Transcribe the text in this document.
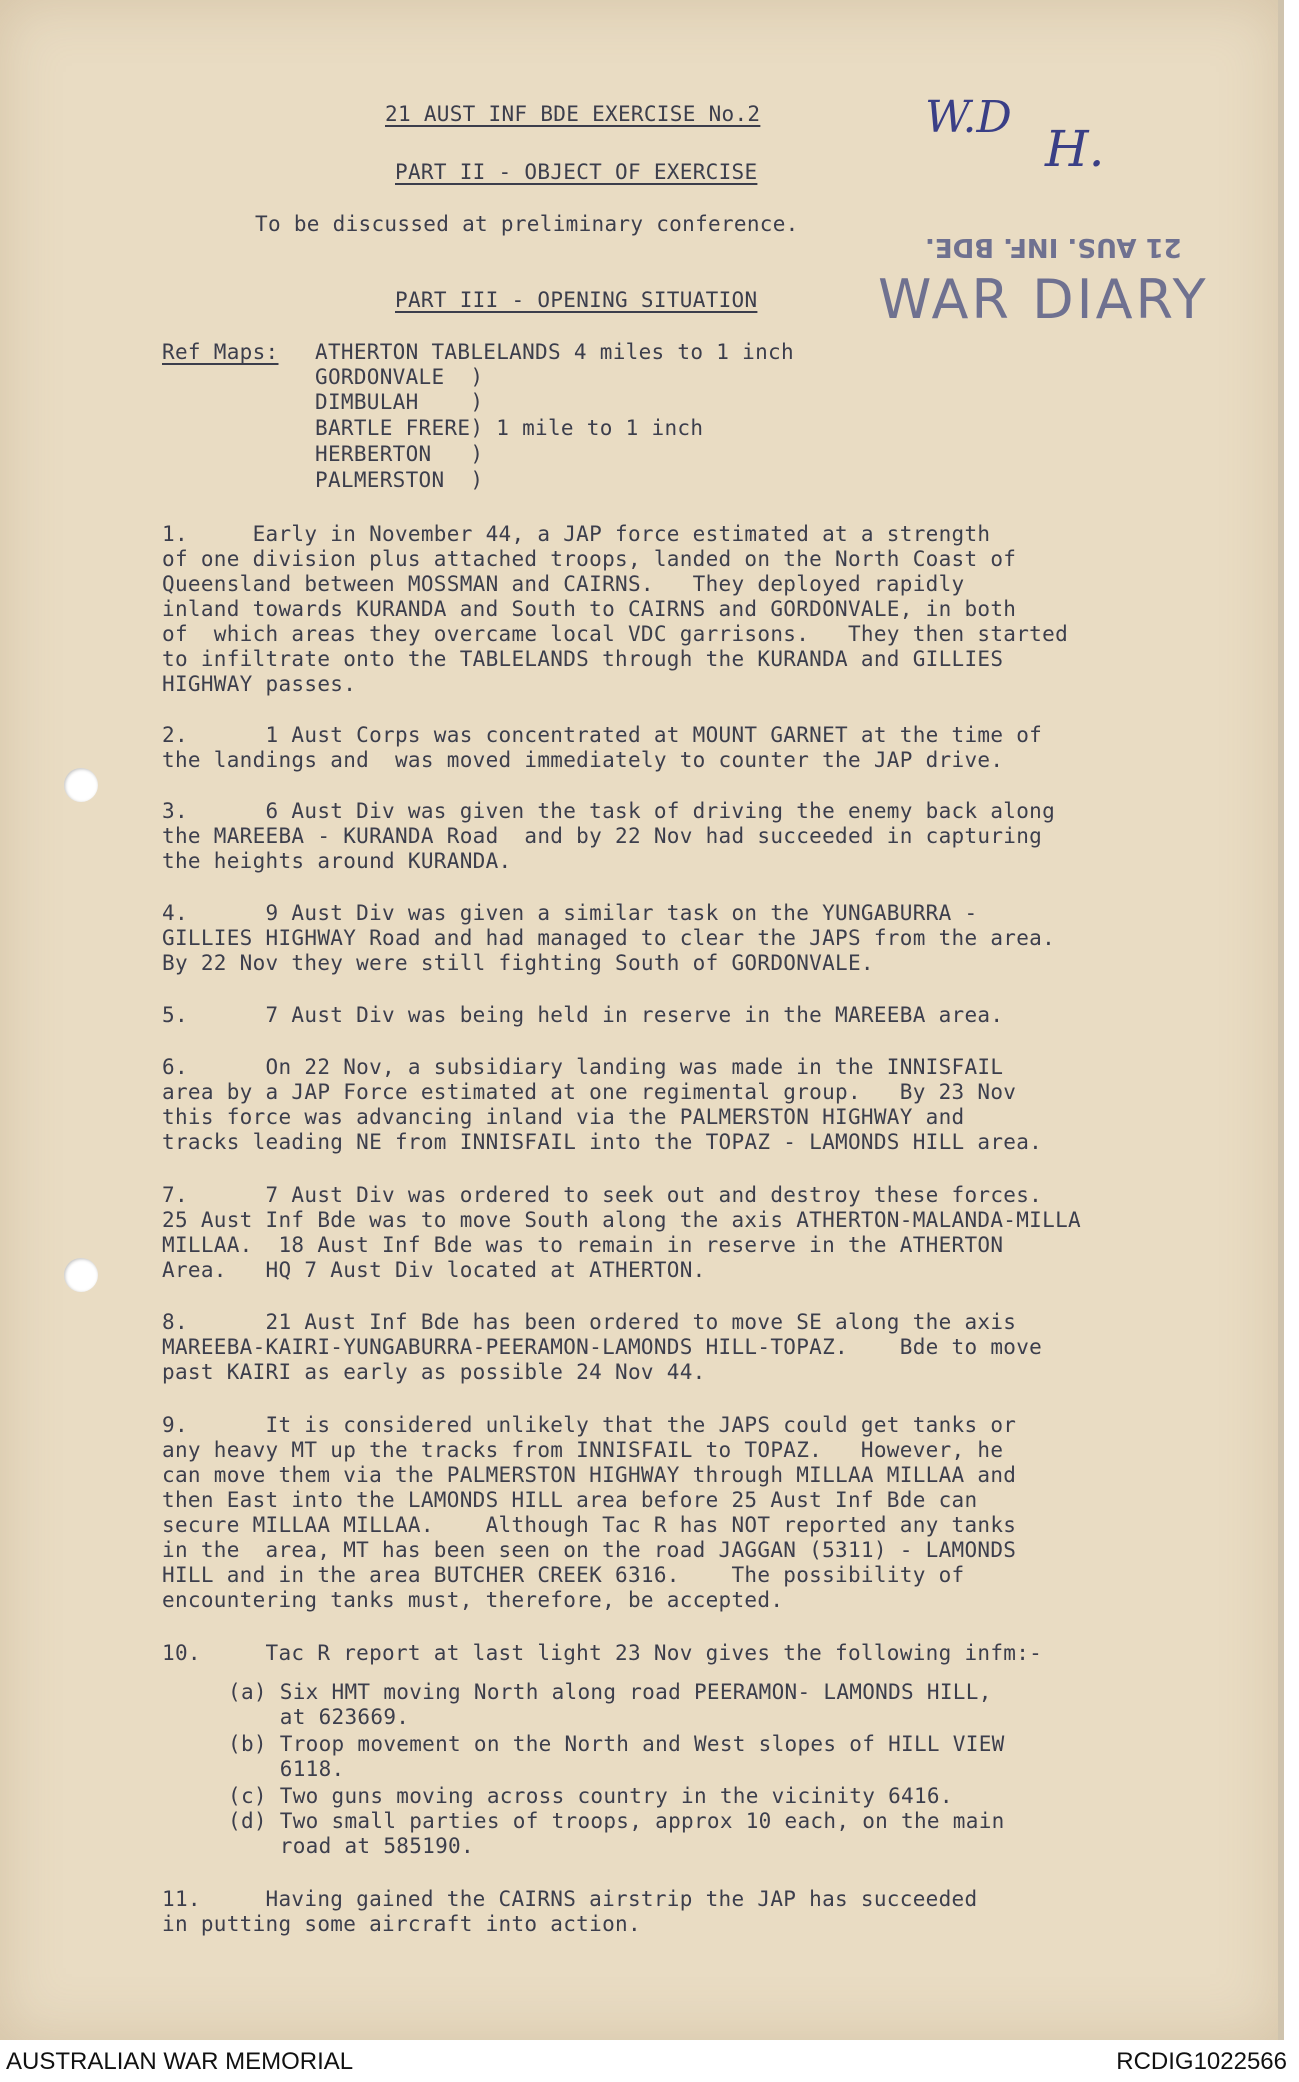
W.D
H.
21 AUS. INF. BDE.
WAR DIARY
21 AUST INF BDE EXERCISE No.2
PART II - OBJECT OF EXERCISE
To be discussed at preliminary conference.
PART III - OPENING SITUATION
Ref Maps: ATHERTON TABLELANDS 4 miles to 1 inch
GORDONVALE  )
DIMBULAH    )
BARTLE FRERE) 1 mile to 1 inch
HERBERTON   )
PALMERSTON  )
1.     Early in November 44, a JAP force estimated at a strength
of one division plus attached troops, landed on the North Coast of
Queensland between MOSSMAN and CAIRNS.   They deployed rapidly
inland towards KURANDA and South to CAIRNS and GORDONVALE, in both
of  which areas they overcame local VDC garrisons.   They then started
to infiltrate onto the TABLELANDS through the KURANDA and GILLIES
HIGHWAY passes.
2.      1 Aust Corps was concentrated at MOUNT GARNET at the time of
the landings and  was moved immediately to counter the JAP drive.
3.      6 Aust Div was given the task of driving the enemy back along
the MAREEBA - KURANDA Road  and by 22 Nov had succeeded in capturing
the heights around KURANDA.
4.      9 Aust Div was given a similar task on the YUNGABURRA -
GILLIES HIGHWAY Road and had managed to clear the JAPS from the area.
By 22 Nov they were still fighting South of GORDONVALE.
5.      7 Aust Div was being held in reserve in the MAREEBA area.
6.      On 22 Nov, a subsidiary landing was made in the INNISFAIL
area by a JAP Force estimated at one regimental group.   By 23 Nov
this force was advancing inland via the PALMERSTON HIGHWAY and
tracks leading NE from INNISFAIL into the TOPAZ - LAMONDS HILL area.
7.      7 Aust Div was ordered to seek out and destroy these forces.
25 Aust Inf Bde was to move South along the axis ATHERTON-MALANDA-MILLA
MILLAA.  18 Aust Inf Bde was to remain in reserve in the ATHERTON
Area.   HQ 7 Aust Div located at ATHERTON.
8.      21 Aust Inf Bde has been ordered to move SE along the axis
MAREEBA-KAIRI-YUNGABURRA-PEERAMON-LAMONDS HILL-TOPAZ.    Bde to move
past KAIRI as early as possible 24 Nov 44.
9.      It is considered unlikely that the JAPS could get tanks or
any heavy MT up the tracks from INNISFAIL to TOPAZ.   However, he
can move them via the PALMERSTON HIGHWAY through MILLAA MILLAA and
then East into the LAMONDS HILL area before 25 Aust Inf Bde can
secure MILLAA MILLAA.    Although Tac R has NOT reported any tanks
in the  area, MT has been seen on the road JAGGAN (5311) - LAMONDS
HILL and in the area BUTCHER CREEK 6316.    The possibility of
encountering tanks must, therefore, be accepted.
10.     Tac R report at last light 23 Nov gives the following infm:-
(a) Six HMT moving North along road PEERAMON- LAMONDS HILL,
at 623669.
(b) Troop movement on the North and West slopes of HILL VIEW
6118.
(c) Two guns moving across country in the vicinity 6416.
(d) Two small parties of troops, approx 10 each, on the main
road at 585190.
11.     Having gained the CAIRNS airstrip the JAP has succeeded
in putting some aircraft into action.
AUSTRALIAN WAR MEMORIAL	RCDIG1022566
